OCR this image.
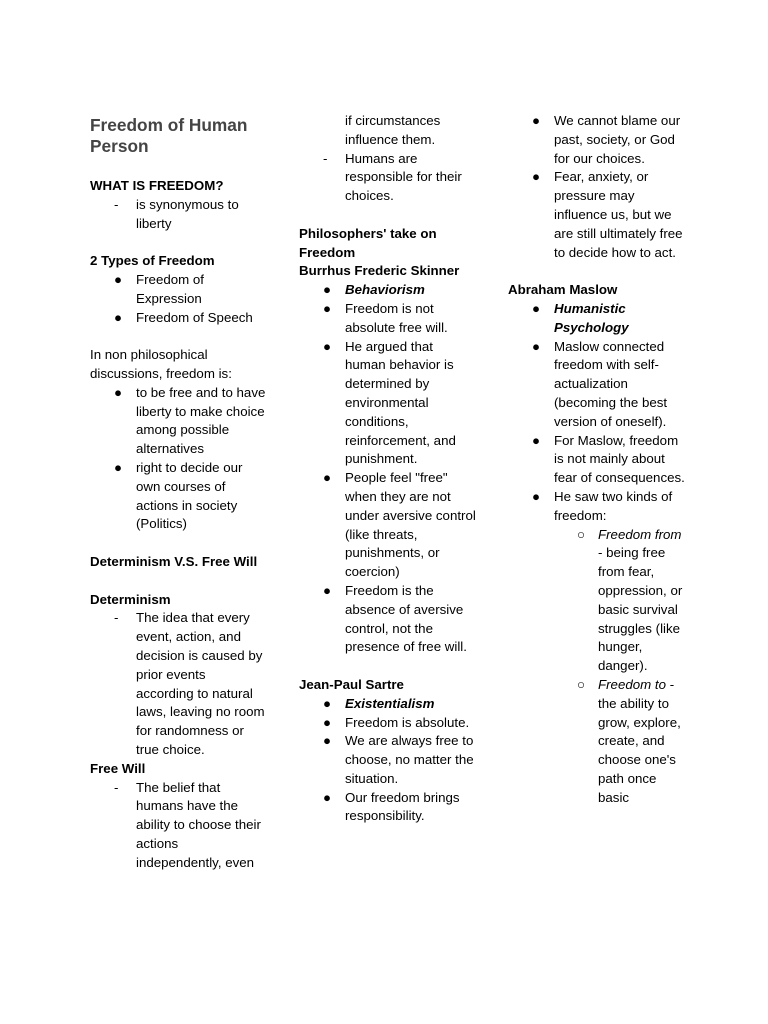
Freedom of Human Person
WHAT IS FREEDOM?
-	is synonymous to liberty
2 Types of Freedom
●	Freedom of Expression
●	Freedom of Speech
In non philosophical discussions, freedom is:
●	to be free and to have liberty to make choice among possible alternatives
●	right to decide our own courses of actions in society (Politics)
Determinism V.S. Free Will
Determinism
-	The idea that every event, action, and decision is caused by prior events according to natural laws, leaving no room for randomness or true choice.
Free Will
-	The belief that humans have the ability to choose their actions independently, even
if circumstances influence them.
-	Humans are responsible for their choices.
Philosophers' take on Freedom
Burrhus Frederic Skinner
●	Behaviorism
●	Freedom is not absolute free will.
●	He argued that human behavior is determined by environmental conditions, reinforcement, and punishment.
●	People feel "free" when they are not under aversive control (like threats, punishments, or coercion)
●	Freedom is the absence of aversive control, not the presence of free will.
Jean-Paul Sartre
●	Existentialism
●	Freedom is absolute.
●	We are always free to choose, no matter the situation.
●	Our freedom brings responsibility.
●	We cannot blame our past, society, or God for our choices.
●	Fear, anxiety, or pressure may influence us, but we are still ultimately free to decide how to act.
Abraham Maslow
●	Humanistic Psychology
●	Maslow connected freedom with self-actualization (becoming the best version of oneself).
●	For Maslow, freedom is not mainly about fear of consequences.
●	He saw two kinds of freedom:
○ Freedom from - being free from fear, oppression, or basic survival struggles (like hunger, danger).
○ Freedom to - the ability to grow, explore, create, and choose one's path once basic
